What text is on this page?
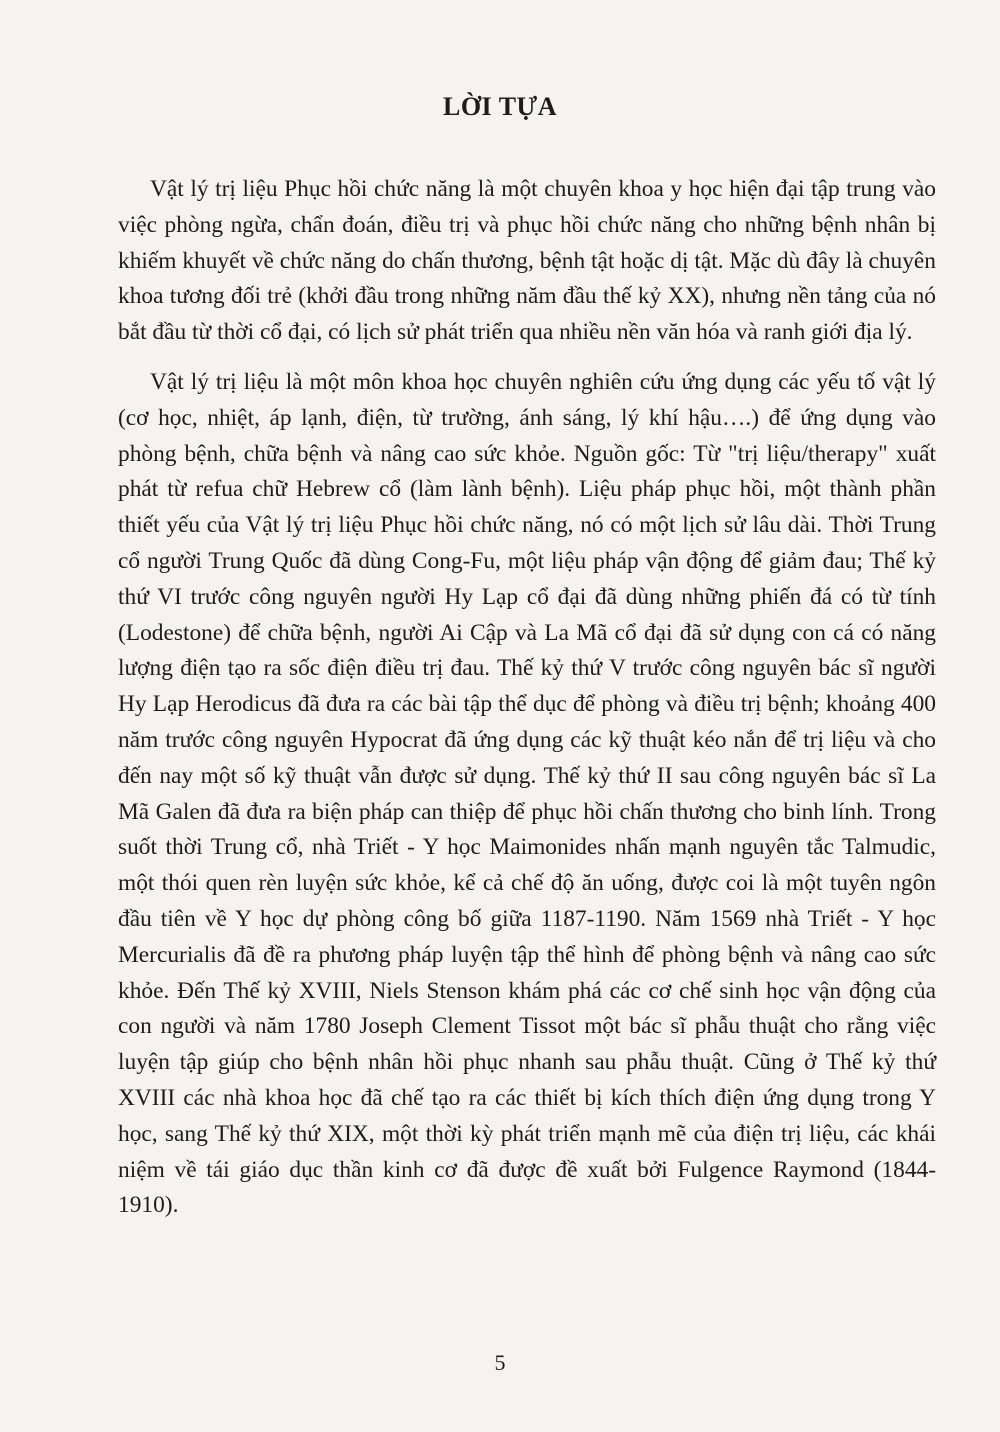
LỜI TỰA

Vật lý trị liệu Phục hồi chức năng là một chuyên khoa y học hiện đại tập trung vào việc phòng ngừa, chẩn đoán, điều trị và phục hồi chức năng cho những bệnh nhân bị khiếm khuyết về chức năng do chấn thương, bệnh tật hoặc dị tật. Mặc dù đây là chuyên khoa tương đối trẻ (khởi đầu trong những năm đầu thế kỷ XX), nhưng nền tảng của nó bắt đầu từ thời cổ đại, có lịch sử phát triển qua nhiều nền văn hóa và ranh giới địa lý.

Vật lý trị liệu là một môn khoa học chuyên nghiên cứu ứng dụng các yếu tố vật lý (cơ học, nhiệt, áp lạnh, điện, từ trường, ánh sáng, lý khí hậu….) để ứng dụng vào phòng bệnh, chữa bệnh và nâng cao sức khỏe. Nguồn gốc: Từ "trị liệu/therapy" xuất phát từ refua chữ Hebrew cổ (làm lành bệnh). Liệu pháp phục hồi, một thành phần thiết yếu của Vật lý trị liệu Phục hồi chức năng, nó có một lịch sử lâu dài. Thời Trung cổ người Trung Quốc đã dùng Cong-Fu, một liệu pháp vận động để giảm đau; Thế kỷ thứ VI trước công nguyên người Hy Lạp cổ đại đã dùng những phiến đá có từ tính (Lodestone) để chữa bệnh, người Ai Cập và La Mã cổ đại đã sử dụng con cá có năng lượng điện tạo ra sốc điện điều trị đau. Thế kỷ thứ V trước công nguyên bác sĩ người Hy Lạp Herodicus đã đưa ra các bài tập thể dục để phòng và điều trị bệnh; khoảng 400 năm trước công nguyên Hypocrat đã ứng dụng các kỹ thuật kéo nắn để trị liệu và cho đến nay một số kỹ thuật vẫn được sử dụng. Thế kỷ thứ II sau công nguyên bác sĩ La Mã Galen đã đưa ra biện pháp can thiệp để phục hồi chấn thương cho binh lính. Trong suốt thời Trung cổ, nhà Triết - Y học Maimonides nhấn mạnh nguyên tắc Talmudic, một thói quen rèn luyện sức khỏe, kể cả chế độ ăn uống, được coi là một tuyên ngôn đầu tiên về Y học dự phòng công bố giữa 1187-1190. Năm 1569 nhà Triết - Y học Mercurialis đã đề ra phương pháp luyện tập thể hình để phòng bệnh và nâng cao sức khỏe. Đến Thế kỷ XVIII, Niels Stenson khám phá các cơ chế sinh học vận động của con người và năm 1780 Joseph Clement Tissot một bác sĩ phẫu thuật cho rằng việc luyện tập giúp cho bệnh nhân hồi phục nhanh sau phẫu thuật. Cũng ở Thế kỷ thứ XVIII các nhà khoa học đã chế tạo ra các thiết bị kích thích điện ứng dụng trong Y học, sang Thế kỷ thứ XIX, một thời kỳ phát triển mạnh mẽ của điện trị liệu, các khái niệm về tái giáo dục thần kinh cơ đã được đề xuất bởi Fulgence Raymond (1844-1910).

5
